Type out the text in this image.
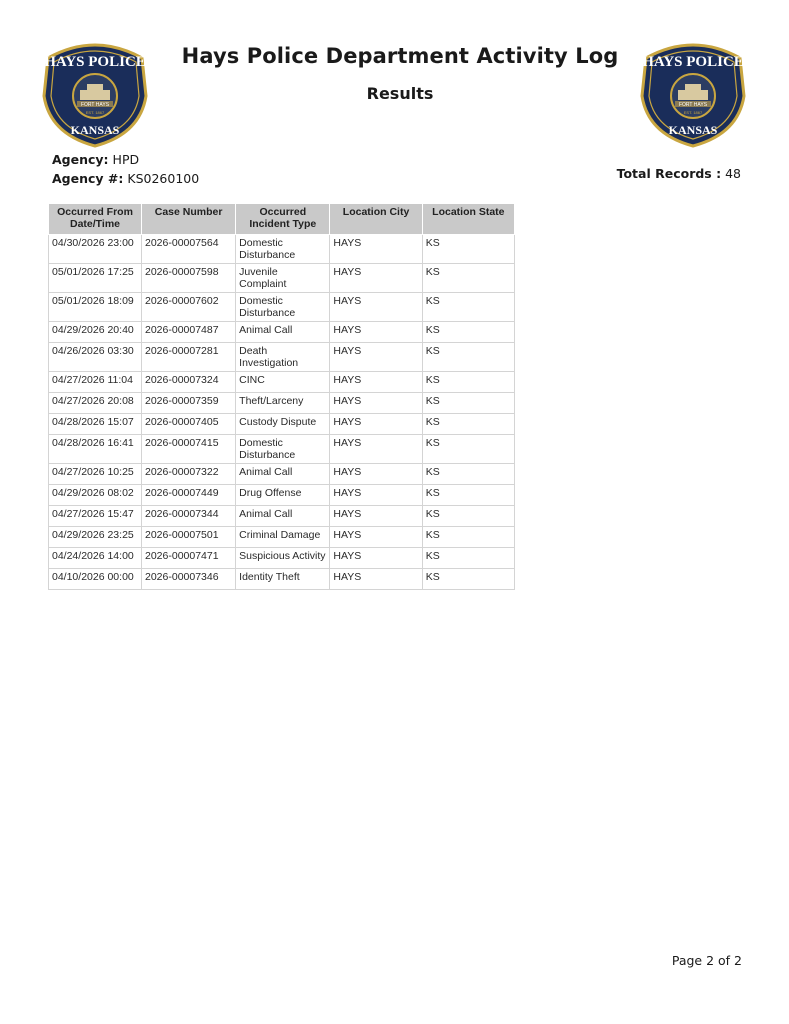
HAYS POLICE
FORT HAYS
EST. 1867
KANSAS
HAYS POLICE
FORT HAYS
EST. 1867
KANSAS
Hays Police Department Activity Log
Results
Agency: HPD
Agency #: KS0260100	Total Records : 48
Occurred From Date/Time	Case Number	Occurred Incident Type	Location City	Location State
04/30/2026 23:00	2026-00007564	Domestic Disturbance	HAYS	KS
05/01/2026 17:25	2026-00007598	Juvenile Complaint	HAYS	KS
05/01/2026 18:09	2026-00007602	Domestic Disturbance	HAYS	KS
04/29/2026 20:40	2026-00007487	Animal Call	HAYS	KS
04/26/2026 03:30	2026-00007281	Death Investigation	HAYS	KS
04/27/2026 11:04	2026-00007324	CINC	HAYS	KS
04/27/2026 20:08	2026-00007359	Theft/Larceny	HAYS	KS
04/28/2026 15:07	2026-00007405	Custody Dispute	HAYS	KS
04/28/2026 16:41	2026-00007415	Domestic Disturbance	HAYS	KS
04/27/2026 10:25	2026-00007322	Animal Call	HAYS	KS
04/29/2026 08:02	2026-00007449	Drug Offense	HAYS	KS
04/27/2026 15:47	2026-00007344	Animal Call	HAYS	KS
04/29/2026 23:25	2026-00007501	Criminal Damage	HAYS	KS
04/24/2026 14:00	2026-00007471	Suspicious Activity	HAYS	KS
04/10/2026 00:00	2026-00007346	Identity Theft	HAYS	KS
Page 2 of 2
